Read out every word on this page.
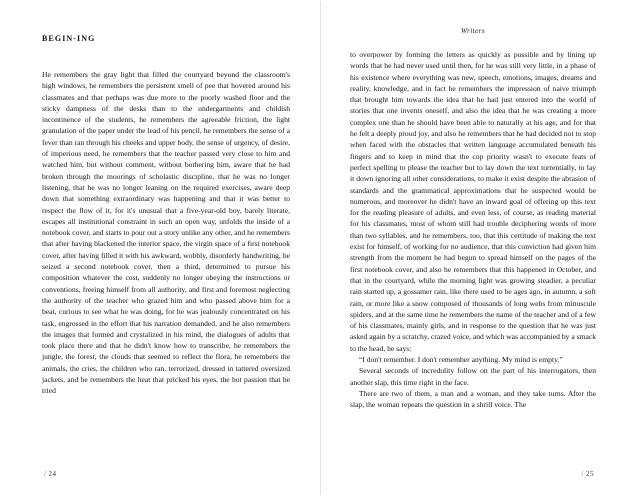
BEGIN-ING

He remembers the gray light that filled the courtyard beyond the classroom's high windows, he remembers the persistent smell of pee that hovered around his classmates and that perhaps was due more to the poorly washed floor and the sticky dampness of the desks than to the undergarments and childish incontinence of the students, he remembers the agreeable friction, the light granulation of the paper under the lead of his pencil, he remembers the sense of a fever than ran through his cheeks and upper body, the sense of urgency, of desire, of imperious need, he remembers that the teacher passed very close to him and watched him, but without comment, without bothering him, aware that he had broken through the moorings of scholastic discipline, that he was no longer listening, that he was no longer leaning on the required exercises, aware deep down that something extraordinary was happening and that it was better to respect the flow of it, for it's unusual that a five-year-old boy, barely literate, escapes all institutional constraint in such an open way, unfolds the inside of a notebook cover, and starts to pour out a story unlike any other, and he remembers that after having blackened the interior space, the virgin space of a first notebook cover, after having filled it with his awkward, wobbly, disorderly handwriting, he seized a second notebook cover, then a third, determined to pursue his composition whatever the cost, suddenly no longer obeying the instructions or conventions, freeing himself from all authority, and first and foremost neglecting the authority of the teacher who grazed him and who passed above him for a beat, curious to see what he was doing, for he was jealously concentrated on his task, engrossed in the effort that his narration demanded, and he also remembers the images that formed and crystalized in his mind, the dialogues of adults that took place there and that he didn't know how to transcribe, he remembers the jungle, the forest, the clouds that seemed to reflect the flora, he remembers the animals, the cries, the children who ran, terrorized, dressed in tattered oversized jackets, and he remembers the heat that pricked his eyes, the hot passion that he tried

/ 24
Writers

to overpower by forming the letters as quickly as possible and by lining up words that he had never used until then, for he was still very little, in a phase of his existence where everything was new, speech, emotions, images, dreams and reality, knowledge, and in fact he remembers the impression of naive triumph that brought him towards the idea that he had just entered into the world of stories that one invents oneself, and also the idea that he was creating a more complex one than he should have been able to naturally at his age, and for that he felt a deeply proud joy, and also he remembers that he had decided not to stop when faced with the obstacles that written language accumulated beneath his fingers and to keep in mind that the cop priority wasn't to execute feats of perfect spelling to please the teacher but to lay down the text torrentially, to lay it down ignoring all other considerations, to make it exist despite the abrasion of standards and the grammatical approximations that he suspected would be numerous, and moreover he didn't have an inward goal of offering up this text for the reading pleasure of adults, and even less, of course, as reading material for his classmates, most of whom still had trouble deciphering words of more than two syllables, and he remembers, too, that this certitude of making the text exist for himself, of working for no audience, that this conviction had given him strength from the moment he had begun to spread himself on the pages of the first notebook cover, and also he remembers that this happened in October, and that in the courtyard, while the morning light was growing steadier, a peculiar rain started up, a gossamer rain, like there used to be ages ago, in autumn, a soft rain, or more like a snow composed of thousands of long webs from minuscule spiders, and at the same time he remembers the name of the teacher and of a few of his classmates, mainly girls, and in response to the question that he was just asked again by a scratchy, crazed voice, and which was accompanied by a smack to the head, he says:

“I don't remember. I don't remember anything. My mind is empty.”

Several seconds of incredulity follow on the part of his interrogators, then another slap, this time right in the face.

There are two of them, a man and a woman, and they take turns. After the slap, the woman repeats the question in a shrill voice. The

/ 25
